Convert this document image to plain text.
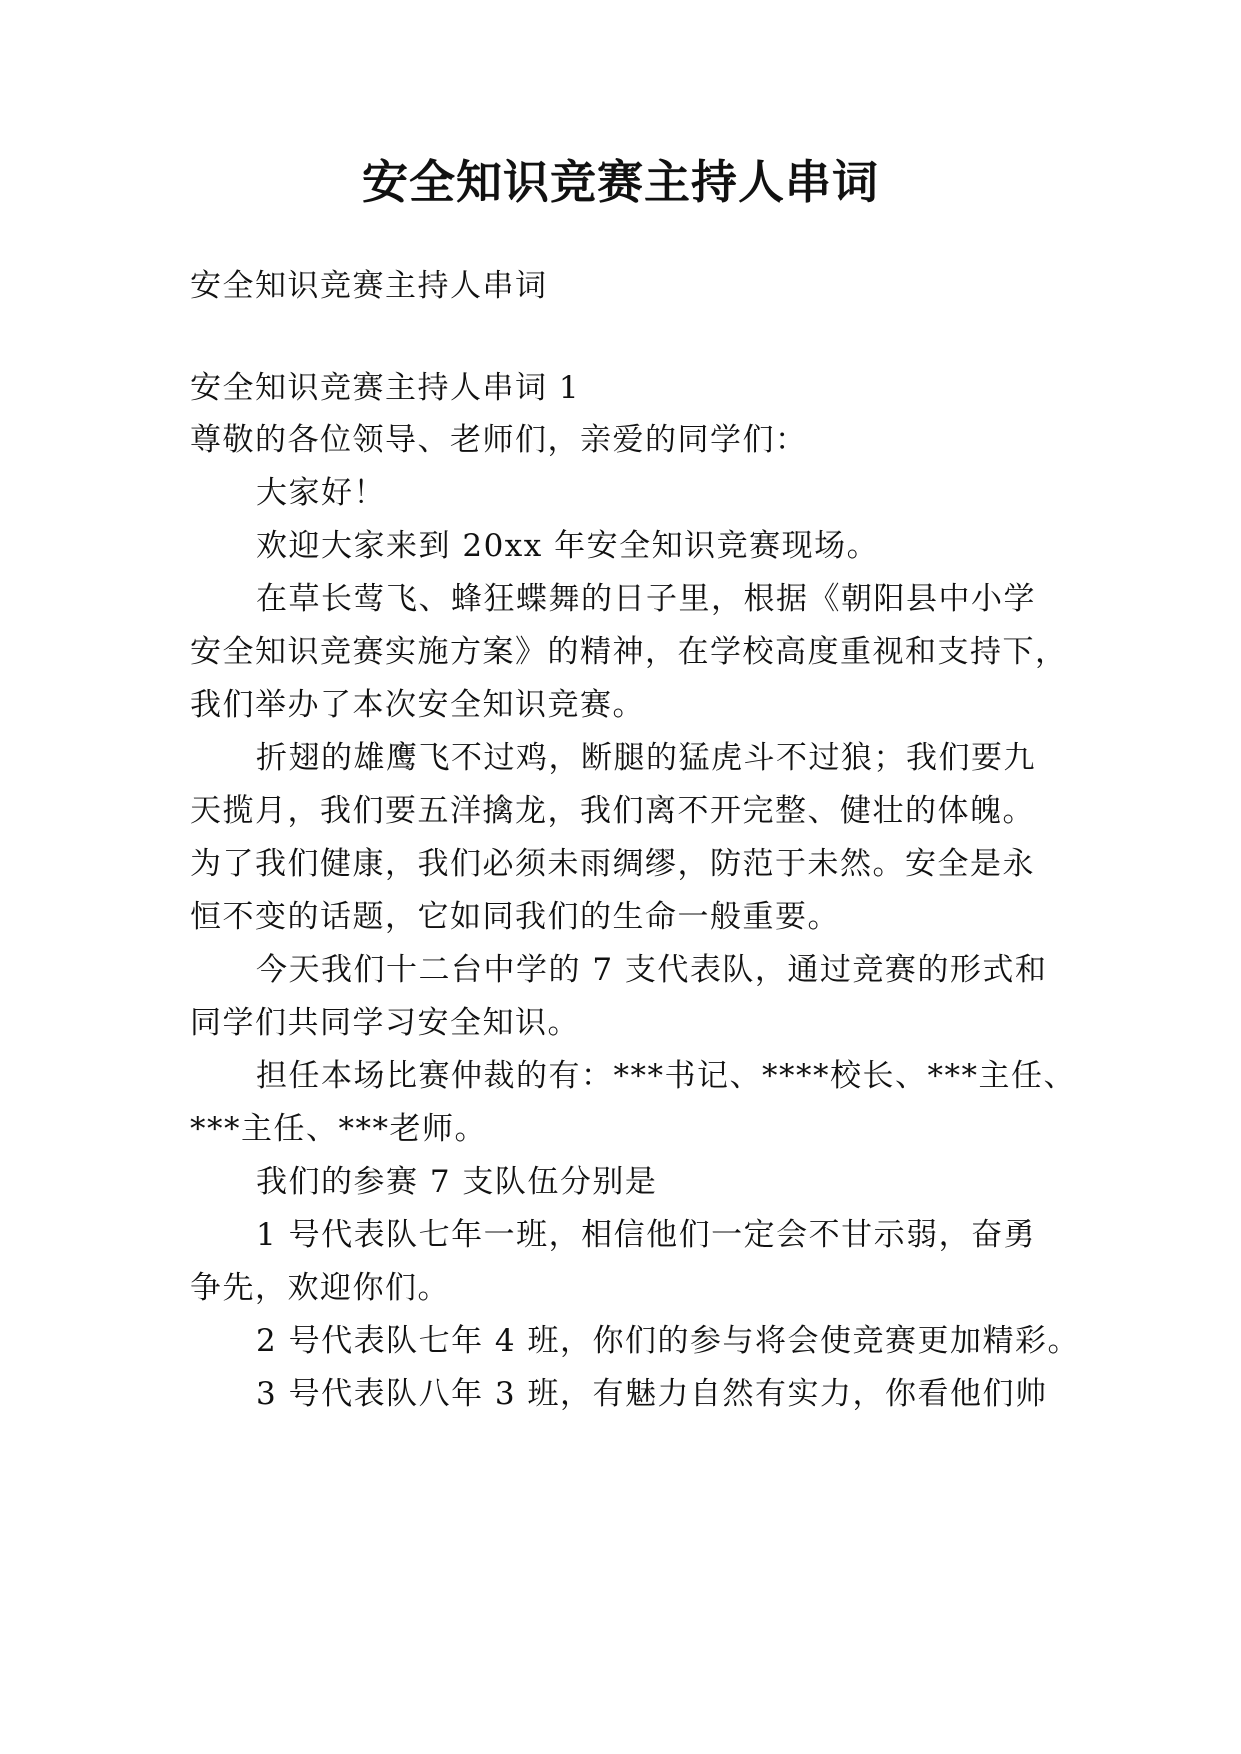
安全知识竞赛主持人串词

安全知识竞赛主持人串词

安全知识竞赛主持人串词 1

尊敬的各位领导、老师们，亲爱的同学们：

大家好！

欢迎大家来到 20xx 年安全知识竞赛现场。

在草长莺飞、蜂狂蝶舞的日子里，根据《朝阳县中小学

安全知识竞赛实施方案》的精神，在学校高度重视和支持下，

我们举办了本次安全知识竞赛。

折翅的雄鹰飞不过鸡，断腿的猛虎斗不过狼；我们要九

天揽月，我们要五洋擒龙，我们离不开完整、健壮的体魄。

为了我们健康，我们必须未雨绸缪，防范于未然。安全是永

恒不变的话题，它如同我们的生命一般重要。

今天我们十二台中学的 7 支代表队，通过竞赛的形式和

同学们共同学习安全知识。

担任本场比赛仲裁的有：***书记、****校长、***主任、

***主任、***老师。

我们的参赛 7 支队伍分别是

1 号代表队七年一班，相信他们一定会不甘示弱，奋勇

争先，欢迎你们。

2 号代表队七年 4 班，你们的参与将会使竞赛更加精彩。

3 号代表队八年 3 班，有魅力自然有实力，你看他们帅
